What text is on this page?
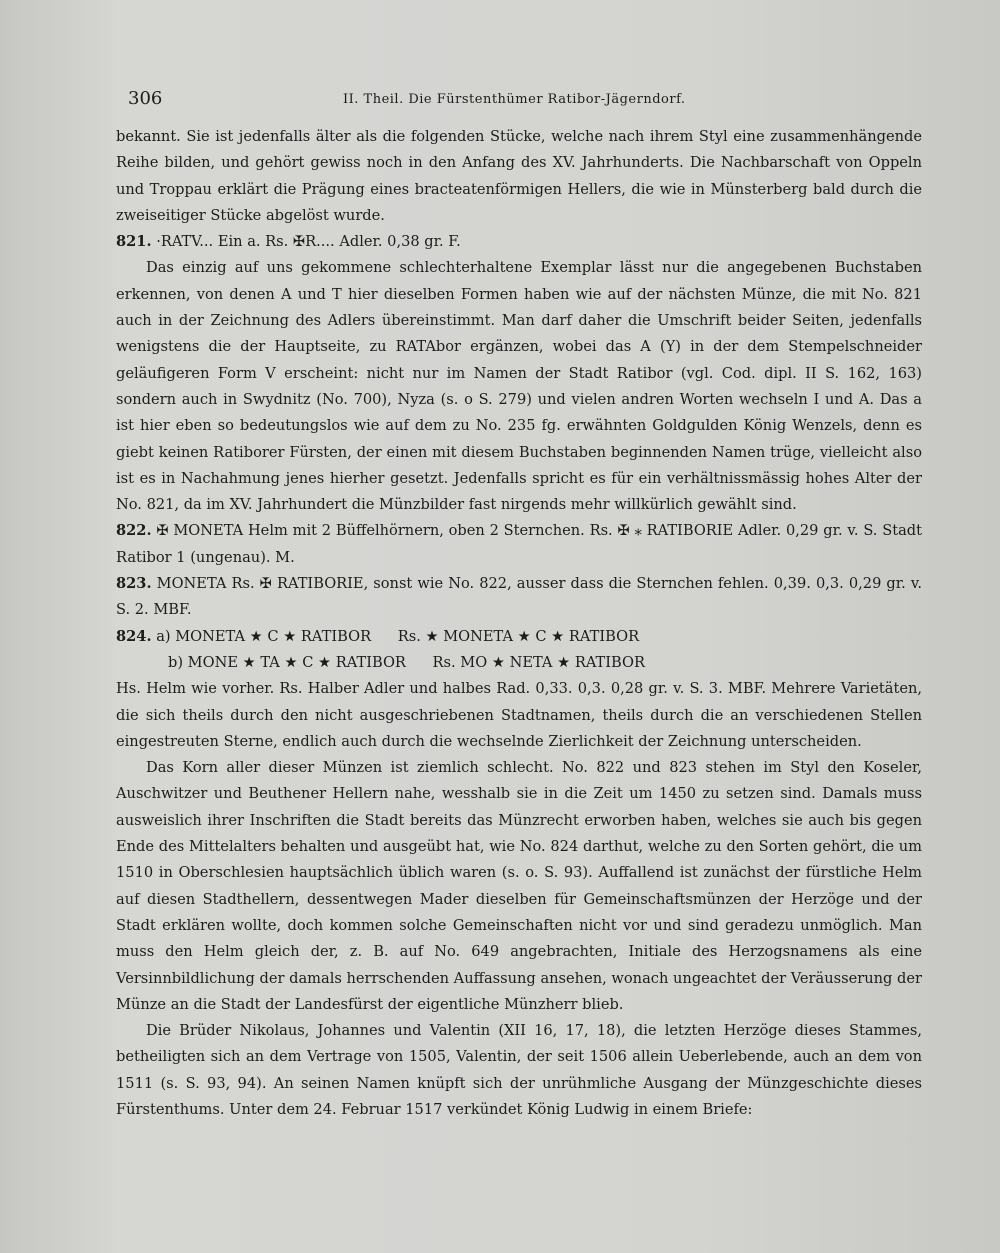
306	II. Theil. Die Fürstenthümer Ratibor-Jägerndorf.

bekannt. Sie ist jedenfalls älter als die folgenden Stücke, welche nach ihrem Styl eine zusammenhängende Reihe bilden, und gehört gewiss noch in den Anfang des XV. Jahrhunderts. Die Nachbarschaft von Oppeln und Troppau erklärt die Prägung eines bracteatenförmigen Hellers, die wie in Münsterberg bald durch die zweiseitiger Stücke abgelöst wurde.

821. ·RATV... Ein a. Rs. ✠R.... Adler. 0,38 gr. F.

Das einzig auf uns gekommene schlechterhaltene Exemplar lässt nur die angegebenen Buchstaben erkennen, von denen A und T hier dieselben Formen haben wie auf der nächsten Münze, die mit No. 821 auch in der Zeichnung des Adlers übereinstimmt. Man darf daher die Umschrift beider Seiten, jedenfalls wenigstens die der Hauptseite, zu RATAbor ergänzen, wobei das A (Y) in der dem Stempelschneider geläufigeren Form V erscheint: nicht nur im Namen der Stadt Ratibor (vgl. Cod. dipl. II S. 162, 163) sondern auch in Swydnitz (No. 700), Nyza (s. o S. 279) und vielen andren Worten wechseln I und A. Das a ist hier eben so bedeutungslos wie auf dem zu No. 235 fg. erwähnten Goldgulden König Wenzels, denn es giebt keinen Ratiborer Fürsten, der einen mit diesem Buchstaben beginnenden Namen trüge, vielleicht also ist es in Nachahmung jenes hierher gesetzt. Jedenfalls spricht es für ein verhältnissmässig hohes Alter der No. 821, da im XV. Jahrhundert die Münzbilder fast nirgends mehr willkürlich gewählt sind.

822. ✠ MONETA Helm mit 2 Büffelhörnern, oben 2 Sternchen. Rs. ✠ ⁎ RATIBORIE Adler. 0,29 gr. v. S. Stadt Ratibor 1 (ungenau). M.

823. MONETA Rs. ✠ RATIBORIE, sonst wie No. 822, ausser dass die Sternchen fehlen. 0,39. 0,3. 0,29 gr. v. S. 2. MBF.

824. a) MONETA ★ C ★ RATIBOR Rs. ★ MONETA ★ C ★ RATIBOR

b) MONE ★ TA ★ C ★ RATIBOR Rs. MO ★ NETA ★ RATIBOR

Hs. Helm wie vorher. Rs. Halber Adler und halbes Rad. 0,33. 0,3. 0,28 gr. v. S. 3. MBF. Mehrere Varietäten, die sich theils durch den nicht ausgeschriebenen Stadtnamen, theils durch die an verschiedenen Stellen eingestreuten Sterne, endlich auch durch die wechselnde Zierlichkeit der Zeichnung unterscheiden.

Das Korn aller dieser Münzen ist ziemlich schlecht. No. 822 und 823 stehen im Styl den Koseler, Auschwitzer und Beuthener Hellern nahe, wesshalb sie in die Zeit um 1450 zu setzen sind. Damals muss ausweislich ihrer Inschriften die Stadt bereits das Münzrecht erworben haben, welches sie auch bis gegen Ende des Mittelalters behalten und ausgeübt hat, wie No. 824 darthut, welche zu den Sorten gehört, die um 1510 in Oberschlesien hauptsächlich üblich waren (s. o. S. 93). Auffallend ist zunächst der fürstliche Helm auf diesen Stadthellern, dessentwegen Mader dieselben für Gemeinschaftsmünzen der Herzöge und der Stadt erklären wollte, doch kommen solche Gemeinschaften nicht vor und sind geradezu unmöglich. Man muss den Helm gleich der, z. B. auf No. 649 angebrachten, Initiale des Herzogsnamens als eine Versinnbildlichung der damals herrschenden Auffassung ansehen, wonach ungeachtet der Veräusserung der Münze an die Stadt der Landesfürst der eigentliche Münzherr blieb.

Die Brüder Nikolaus, Johannes und Valentin (XII 16, 17, 18), die letzten Herzöge dieses Stammes, betheiligten sich an dem Vertrage von 1505, Valentin, der seit 1506 allein Ueberlebende, auch an dem von 1511 (s. S. 93, 94). An seinen Namen knüpft sich der unrühmliche Ausgang der Münzgeschichte dieses Fürstenthums. Unter dem 24. Februar 1517 verkündet König Ludwig in einem Briefe:
